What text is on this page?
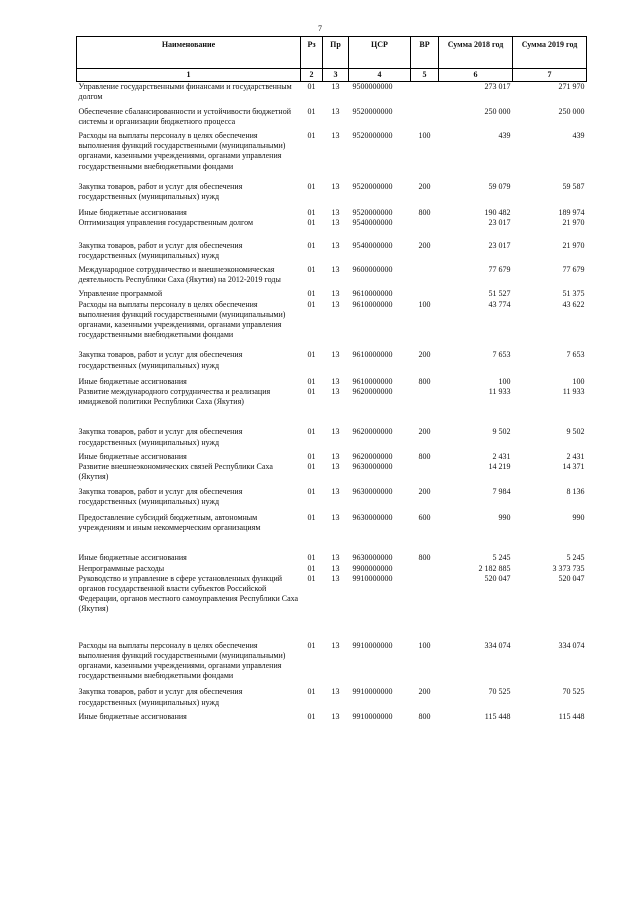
7
Наименование	Рз	Пр	ЦСР	ВР	Сумма 2018 год	Сумма 2019 год
1	2	3	4	5	6	7
Управление государственными финансами и государственным долгом	01	13	9500000000		273 017	271 970
Обеспечение сбалансированности и устойчивости бюджетной системы и организации бюджетного процесса	01	13	9520000000		250 000	250 000
Расходы на выплаты персоналу в целях обеспечения выполнения функций государственными (муниципальными) органами, казенными учреждениями, органами управления государственными внебюджетными фондами	01	13	9520000000	100	439	439
Закупка товаров, работ и услуг для обеспечения государственных (муниципальных) нужд	01	13	9520000000	200	59 079	59 587
Иные бюджетные ассигнования	01	13	9520000000	800	190 482	189 974
Оптимизация управления государственным долгом	01	13	9540000000		23 017	21 970
Закупка товаров, работ и услуг для обеспечения государственных (муниципальных) нужд	01	13	9540000000	200	23 017	21 970
Международное сотрудничество и внешнеэкономическая деятельность Республики Саха (Якутия) на 2012-2019 годы	01	13	9600000000		77 679	77 679
Управление программой	01	13	9610000000		51 527	51 375
Расходы на выплаты персоналу в целях обеспечения выполнения функций государственными (муниципальными) органами, казенными учреждениями, органами управления государственными внебюджетными фондами	01	13	9610000000	100	43 774	43 622
Закупка товаров, работ и услуг для обеспечения государственных (муниципальных) нужд	01	13	9610000000	200	7 653	7 653
Иные бюджетные ассигнования	01	13	9610000000	800	100	100
Развитие международного сотрудничества и реализация имиджевой политики Республики Саха (Якутия)	01	13	9620000000		11 933	11 933
Закупка товаров, работ и услуг для обеспечения государственных (муниципальных) нужд	01	13	9620000000	200	9 502	9 502
Иные бюджетные ассигнования	01	13	9620000000	800	2 431	2 431
Развитие внешнеэкономических связей Республики Саха (Якутия)	01	13	9630000000		14 219	14 371
Закупка товаров, работ и услуг для обеспечения государственных (муниципальных) нужд	01	13	9630000000	200	7 984	8 136
Предоставление субсидий бюджетным, автономным учреждениям и иным некоммерческим организациям	01	13	9630000000	600	990	990
Иные бюджетные ассигнования	01	13	9630000000	800	5 245	5 245
Непрограммные расходы	01	13	9900000000		2 182 885	3 373 735
Руководство и управление в сфере установленных функций органов государственной власти субъектов Российской Федерации, органов местного самоуправления Республики Саха (Якутия)	01	13	9910000000		520 047	520 047
Расходы на выплаты персоналу в целях обеспечения выполнения функций государственными (муниципальными) органами, казенными учреждениями, органами управления государственными внебюджетными фондами	01	13	9910000000	100	334 074	334 074
Закупка товаров, работ и услуг для обеспечения государственных (муниципальных) нужд	01	13	9910000000	200	70 525	70 525
Иные бюджетные ассигнования	01	13	9910000000	800	115 448	115 448
